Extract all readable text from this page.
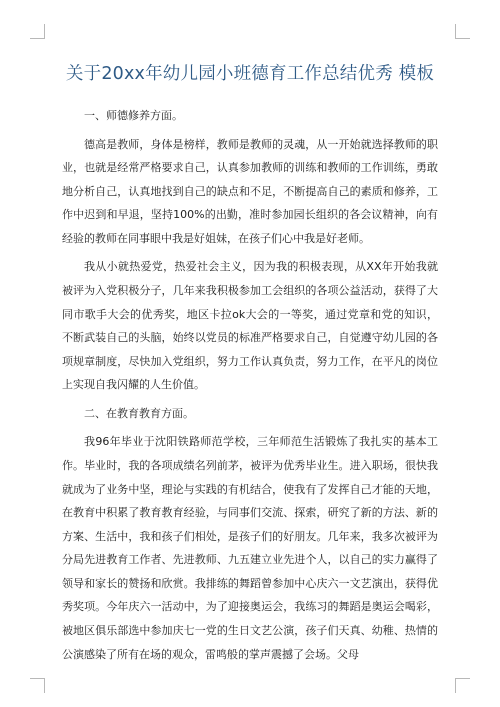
关于20xx年幼儿园小班德育工作总结优秀 模板

一、师德修养方面。

德高是教师，身体是榜样，教师是教师的灵魂，从一开始就选择教师的职业，也就是经常严格要求自己，认真参加教师的训练和教师的工作训练，勇敢地分析自己，认真地找到自己的缺点和不足，不断提高自己的素质和修养，工作中迟到和早退，坚持100%的出勤，准时参加园长组织的各会议精神，向有经验的教师在同事眼中我是好姐妹，在孩子们心中我是好老师。

我从小就热爱党，热爱社会主义，因为我的积极表现，从XX年开始我就被评为入党积极分子，几年来我积极参加工会组织的各项公益活动，获得了大同市歌手大会的优秀奖，地区卡拉ok大会的一等奖，通过党章和党的知识，不断武装自己的头脑，始终以党员的标准严格要求自己，自觉遵守幼儿园的各项规章制度，尽快加入党组织，努力工作认真负责，努力工作，在平凡的岗位上实现自我闪耀的人生价值。

二、在教育教育方面。

我96年毕业于沈阳铁路师范学校，三年师范生活锻炼了我扎实的基本工作。毕业时，我的各项成绩名列前茅，被评为优秀毕业生。进入职场，很快我就成为了业务中坚，理论与实践的有机结合，使我有了发挥自己才能的天地，在教育中积累了教育教育经验，与同事们交流、探索，研究了新的方法、新的方案、生活中，我和孩子们相处，是孩子们的好朋友。几年来，我多次被评为分局先进教育工作者、先进教师、九五建立业先进个人，以自己的实力赢得了领导和家长的赞扬和欣赏。我排练的舞蹈曾参加中心庆六一文艺演出，获得优秀奖项。今年庆六一活动中，为了迎接奥运会，我练习的舞蹈是奥运会喝彩，被地区俱乐部选中参加庆七一党的生日文艺公演，孩子们天真、幼稚、热情的公演感染了所有在场的观众，雷鸣般的掌声震撼了会场。父母
